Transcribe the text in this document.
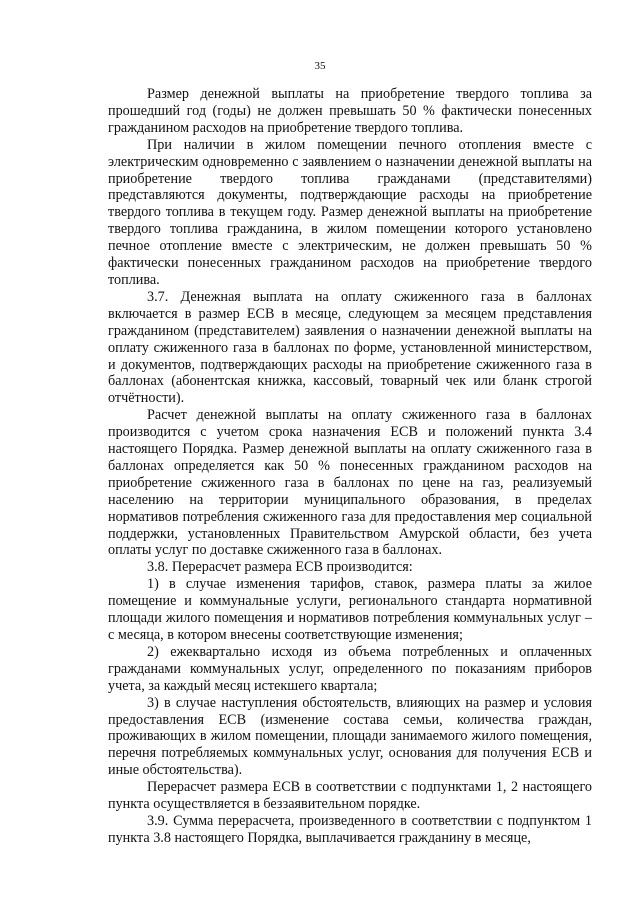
35

Размер денежной выплаты на приобретение твердого топлива за прошедший год (годы) не должен превышать 50 % фактически понесенных гражданином расходов на приобретение твердого топлива.

При наличии в жилом помещении печного отопления вместе с электрическим одновременно с заявлением о назначении денежной выплаты на приобретение твердого топлива гражданами (представителями) представляются документы, подтверждающие расходы на приобретение твердого топлива в текущем году. Размер денежной выплаты на приобретение твердого топлива гражданина, в жилом помещении которого установлено печное отопление вместе с электрическим, не должен превышать 50 % фактически понесенных гражданином расходов на приобретение твердого топлива.

3.7. Денежная выплата на оплату сжиженного газа в баллонах включается в размер ЕСВ в месяце, следующем за месяцем представления гражданином (представителем) заявления о назначении денежной выплаты на оплату сжиженного газа в баллонах по форме, установленной министерством, и документов, подтверждающих расходы на приобретение сжиженного газа в баллонах (абонентская книжка, кассовый, товарный чек или бланк строгой отчётности).

Расчет денежной выплаты на оплату сжиженного газа в баллонах производится с учетом срока назначения ЕСВ и положений пункта 3.4 настоящего Порядка. Размер денежной выплаты на оплату сжиженного газа в баллонах определяется как 50 % понесенных гражданином расходов на приобретение сжиженного газа в баллонах по цене на газ, реализуемый населению на территории муниципального образования, в пределах нормативов потребления сжиженного газа для предоставления мер социальной поддержки, установленных Правительством Амурской области, без учета оплаты услуг по доставке сжиженного газа в баллонах.

3.8. Перерасчет размера ЕСВ производится:

1) в случае изменения тарифов, ставок, размера платы за жилое помещение и коммунальные услуги, регионального стандарта нормативной площади жилого помещения и нормативов потребления коммунальных услуг – с месяца, в котором внесены соответствующие изменения;

2) ежеквартально исходя из объема потребленных и оплаченных гражданами коммунальных услуг, определенного по показаниям приборов учета, за каждый месяц истекшего квартала;

3) в случае наступления обстоятельств, влияющих на размер и условия предоставления ЕСВ (изменение состава семьи, количества граждан, проживающих в жилом помещении, площади занимаемого жилого помещения, перечня потребляемых коммунальных услуг, основания для получения ЕСВ и иные обстоятельства).

Перерасчет размера ЕСВ в соответствии с подпунктами 1, 2 настоящего пункта осуществляется в беззаявительном порядке.

3.9. Сумма перерасчета, произведенного в соответствии с подпунктом 1 пункта 3.8 настоящего Порядка, выплачивается гражданину в месяце,
